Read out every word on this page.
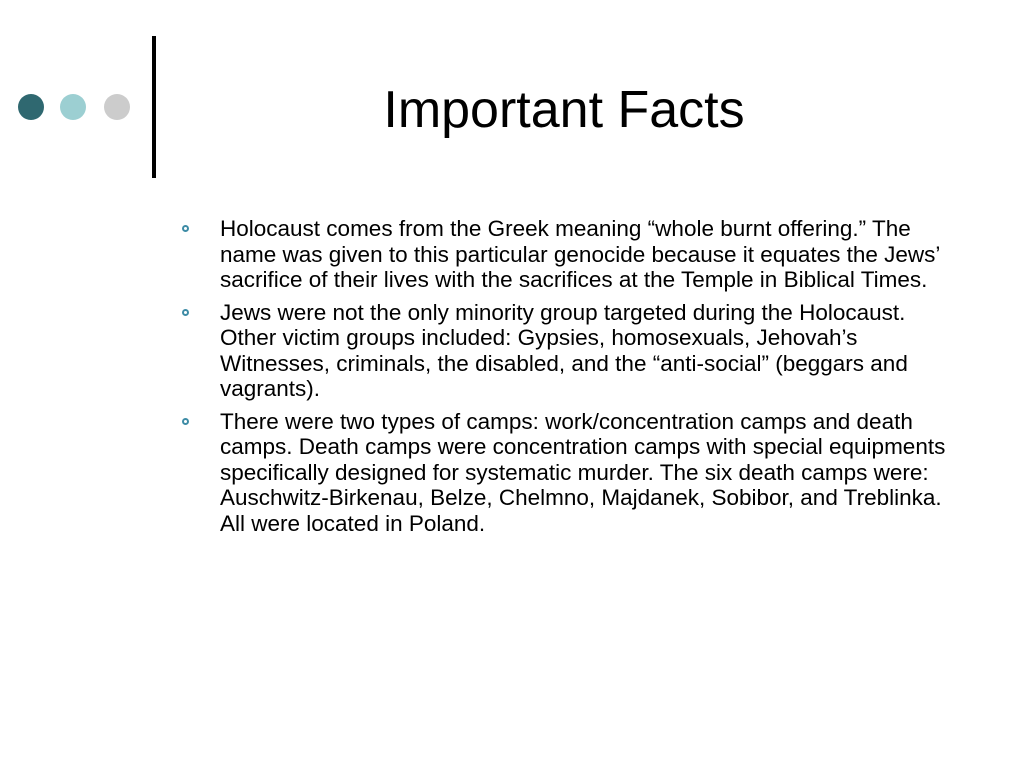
Important Facts
Holocaust comes from the Greek meaning “whole burnt offering.” The name was given to this particular genocide because it equates the Jews’ sacrifice of their lives with the sacrifices at the Temple in Biblical Times.
Jews were not the only minority group targeted during the Holocaust. Other victim groups included: Gypsies, homosexuals, Jehovah’s Witnesses, criminals, the disabled, and the “anti-social” (beggars and vagrants).
There were two types of camps: work/concentration camps and death camps. Death camps were concentration camps with special equipments specifically designed for systematic murder. The six death camps were: Auschwitz-Birkenau, Belze, Chelmno, Majdanek, Sobibor, and Treblinka. All were located in Poland.
